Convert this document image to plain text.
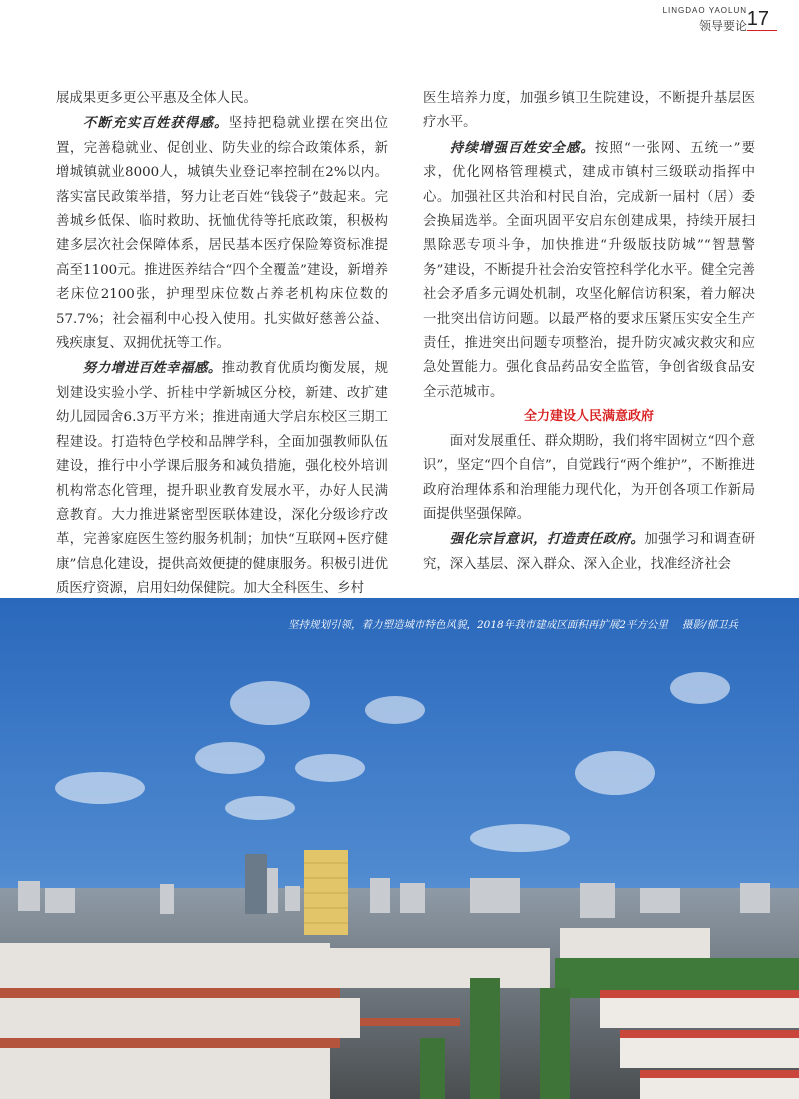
LINGDAO YAOLUN
领导要论 17

展成果更多更公平惠及全体人民。

不断充实百姓获得感。坚持把稳就业摆在突出位置，完善稳就业、促创业、防失业的综合政策体系，新增城镇就业8000人，城镇失业登记率控制在2%以内。落实富民政策举措，努力让老百姓“钱袋子”鼓起来。完善城乡低保、临时救助、抚恤优待等托底政策，积极构建多层次社会保障体系，居民基本医疗保险筹资标准提高至1100元。推进医养结合“四个全覆盖”建设，新增养老床位2100张，护理型床位数占养老机构床位数的57.7%；社会福利中心投入使用。扎实做好慈善公益、残疾康复、双拥优抚等工作。

努力增进百姓幸福感。推动教育优质均衡发展，规划建设实验小学、折桂中学新城区分校，新建、改扩建幼儿园园舍6.3万平方米；推进南通大学启东校区三期工程建设。打造特色学校和品牌学科，全面加强教师队伍建设，推行中小学课后服务和减负措施，强化校外培训机构常态化管理，提升职业教育发展水平，办好人民满意教育。大力推进紧密型医联体建设，深化分级诊疗改革，完善家庭医生签约服务机制；加快“互联网+医疗健康”信息化建设，提供高效便捷的健康服务。积极引进优质医疗资源，启用妇幼保健院。加大全科医生、乡村

医生培养力度，加强乡镇卫生院建设，不断提升基层医疗水平。

持续增强百姓安全感。按照“一张网、五统一”要求，优化网格管理模式，建成市镇村三级联动指挥中心。加强社区共治和村民自治，完成新一届村（居）委会换届选举。全面巩固平安启东创建成果，持续开展扫黑除恶专项斗争，加快推进“升级版技防城”“智慧警务”建设，不断提升社会治安管控科学化水平。健全完善社会矛盾多元调处机制，攻坚化解信访积案，着力解决一批突出信访问题。以最严格的要求压紧压实安全生产责任，推进突出问题专项整治，提升防灾减灾救灾和应急处置能力。强化食品药品安全监管，争创省级食品安全示范城市。

全力建设人民满意政府

面对发展重任、群众期盼，我们将牢固树立“四个意识”，坚定“四个自信”，自觉践行“两个维护”，不断推进政府治理体系和治理能力现代化，为开创各项工作新局面提供坚强保障。

强化宗旨意识，打造责任政府。加强学习和调查研究，深入基层、深入群众、深入企业，找准经济社会

坚持规划引领，着力塑造城市特色风貌，2018年我市建成区面积再扩展2平方公里 摄影/郁卫兵
